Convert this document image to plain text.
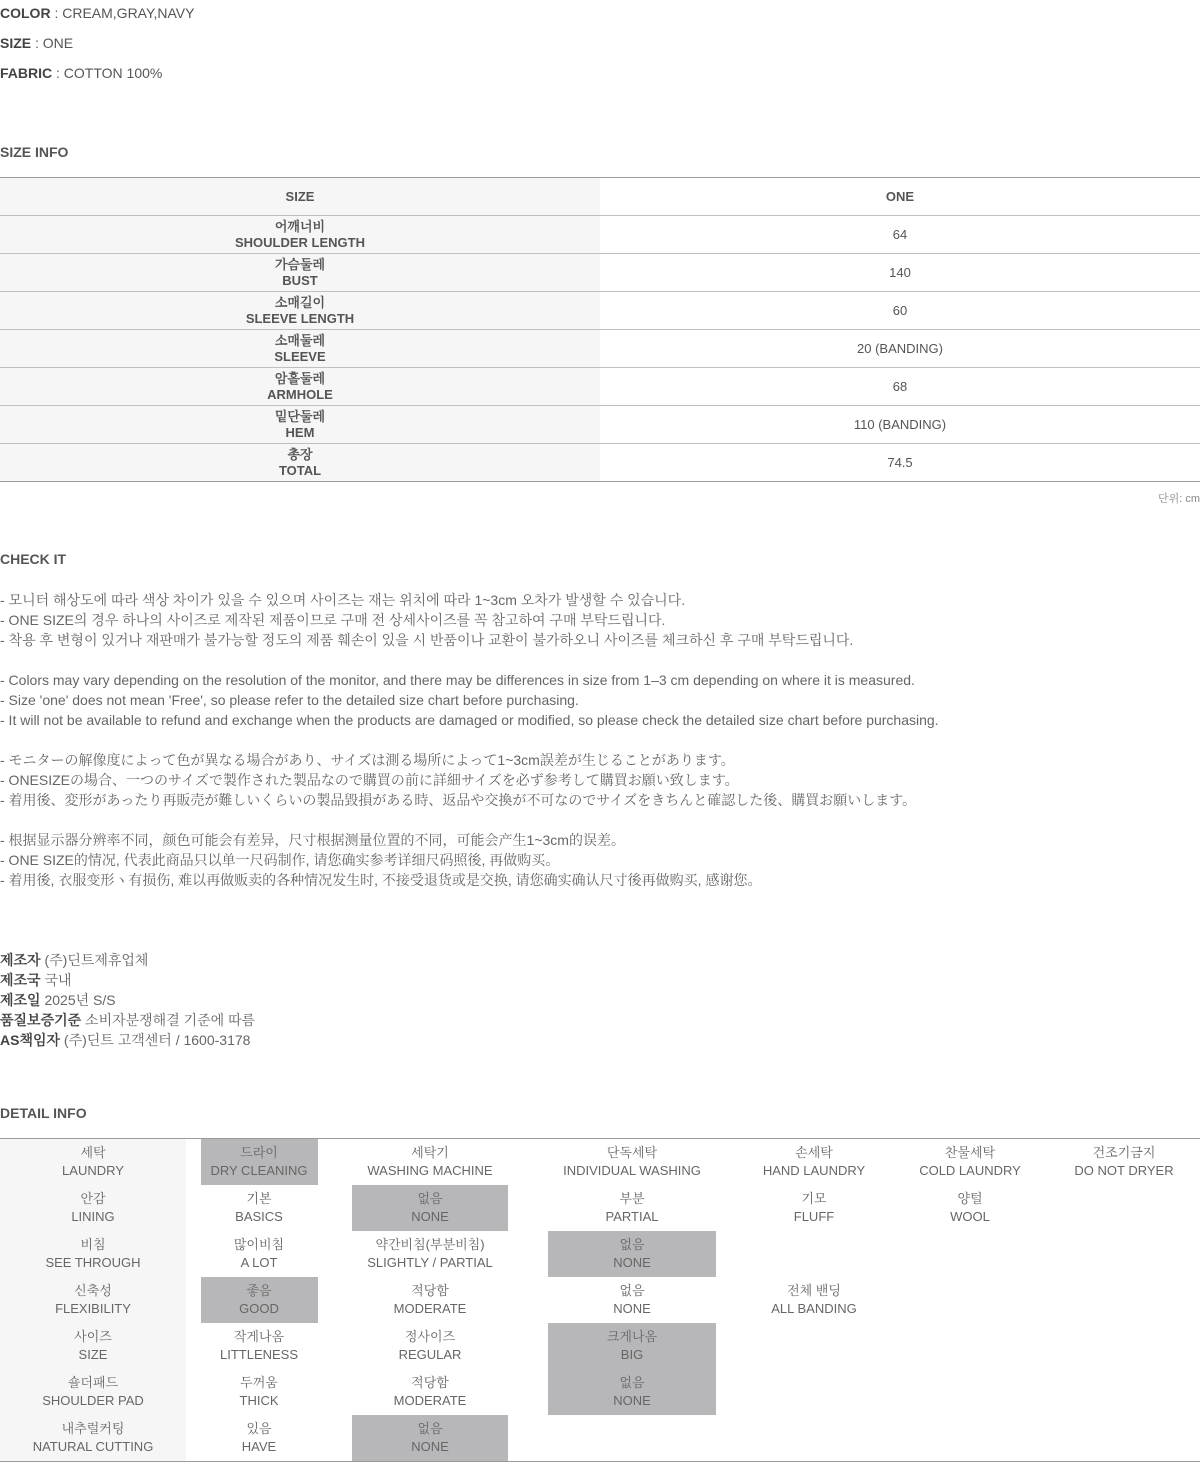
COLOR : CREAM,GRAY,NAVY
SIZE : ONE
FABRIC : COTTON 100%
SIZE INFO
SIZE	ONE

어깨너비
SHOULDER LENGTH	64

가슴둘레
BUST	140

소매길이
SLEEVE LENGTH	60

소매둘레
SLEEVE	20 (BANDING)

암홀둘레
ARMHOLE	68

밑단둘레
HEM	110 (BANDING)

총장
TOTAL	74.5
단위: cm
CHECK IT
- 모니터 해상도에 따라 색상 차이가 있을 수 있으며 사이즈는 재는 위치에 따라 1~3cm 오차가 발생할 수 있습니다.
- ONE SIZE의 경우 하나의 사이즈로 제작된 제품이므로 구매 전 상세사이즈를 꼭 참고하여 구매 부탁드립니다.
- 착용 후 변형이 있거나 재판매가 불가능할 정도의 제품 훼손이 있을 시 반품이나 교환이 불가하오니 사이즈를 체크하신 후 구매 부탁드립니다.
- Colors may vary depending on the resolution of the monitor, and there may be differences in size from 1–3 cm depending on where it is measured.
- Size 'one' does not mean 'Free', so please refer to the detailed size chart before purchasing.
- It will not be available to refund and exchange when the products are damaged or modified, so please check the detailed size chart before purchasing.
- モニターの解像度によって色が異なる場合があり、サイズは測る場所によって1~3cm誤差が生じることがあります。
- ONESIZEの場合、一つのサイズで製作された製品なので購買の前に詳細サイズを必ず参考して購買お願い致します。
- 着用後、変形があったり再販売が難しいくらいの製品毀損がある時、返品や交換が不可なのでサイズをきちんと確認した後、購買お願いします。
- 根据显示器分辨率不同，颜色可能会有差异，尺寸根据测量位置的不同，可能会产生1~3cm的误差。
- ONE SIZE的情况, 代表此商品只以单一尺码制作, 请您确实参考详细尺码照後, 再做购买。
- 着用後, 衣服变形ヽ有损伤, 难以再做贩卖的各种情况发生时, 不接受退货或是交换, 请您确实确认尺寸後再做购买, 感谢您。
제조자 (주)딘트제휴업체
제조국 국내
제조일 2025년 S/S
품질보증기준 소비자분쟁해결 기준에 따름
AS책임자 (주)딘트 고객센터 / 1600-3178
DETAIL INFO
세탁
LAUNDRY	드라이
DRY CLEANING	세탁기
WASHING MACHINE	단독세탁
INDIVIDUAL WASHING	손세탁
HAND LAUNDRY	찬물세탁
COLD LAUNDRY	건조기금지
DO NOT DRYER

안감
LINING	기본
BASICS	없음
NONE	부분
PARTIAL	기모
FLUFF	양털
WOOL	

비침
SEE THROUGH	많이비침
A LOT	약간비침(부분비침)
SLIGHTLY / PARTIAL	없음
NONE			

신축성
FLEXIBILITY	좋음
GOOD	적당함
MODERATE	없음
NONE	전체 밴딩
ALL BANDING		

사이즈
SIZE	작게나옴
LITTLENESS	정사이즈
REGULAR	크게나옴
BIG			

숄더패드
SHOULDER PAD	두꺼움
THICK	적당함
MODERATE	없음
NONE			

내추럴커팅
NATURAL CUTTING	있음
HAVE	없음
NONE				
